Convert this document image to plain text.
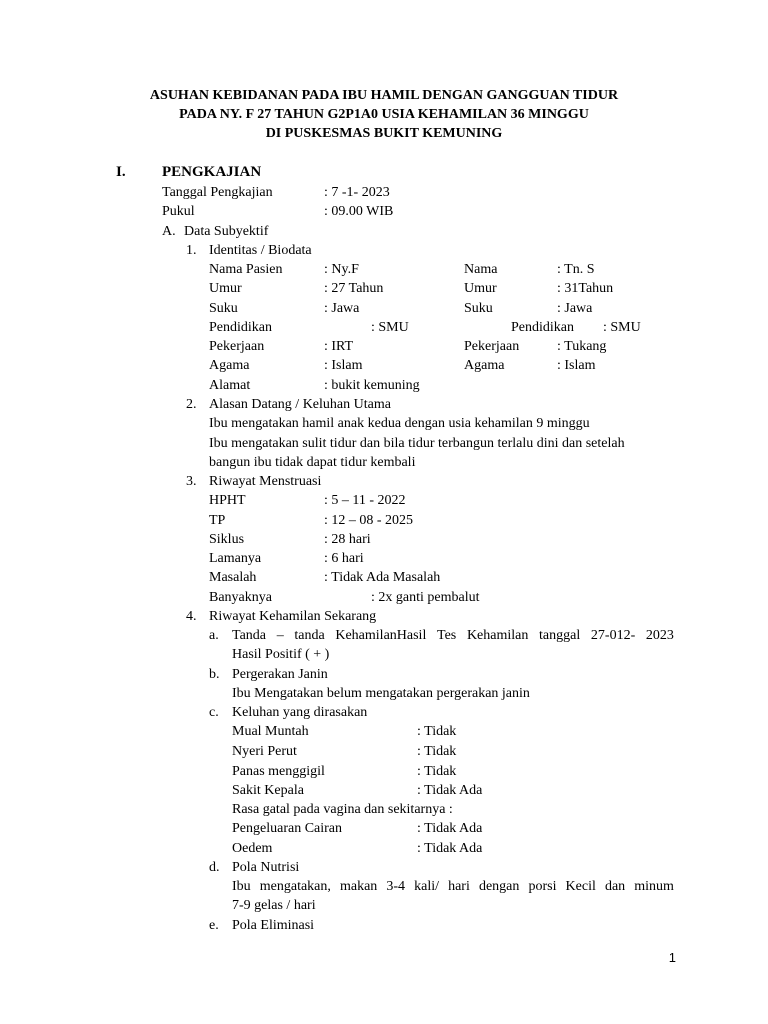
ASUHAN KEBIDANAN PADA IBU HAMIL DENGAN GANGGUAN TIDUR
PADA NY. F 27 TAHUN G2P1A0 USIA KEHAMILAN 36 MINGGU
DI PUSKESMAS BUKIT KEMUNING
I. PENGKAJIAN
Tanggal Pengkajian	: 7 -1- 2023
Pukul	: 09.00 WIB
A. Data Subyektif
1. Identitas / Biodata
Nama Pasien	: Ny.F	Nama	: Tn. S
Umur	: 27 Tahun	Umur	: 31Tahun
Suku	: Jawa	Suku	: Jawa
Pendidikan	: SMU	Pendidikan : SMU
Pekerjaan	: IRT	Pekerjaan	: Tukang
Agama	: Islam	Agama	: Islam
Alamat	: bukit kemuning
2. Alasan Datang / Keluhan Utama
Ibu mengatakan hamil anak kedua dengan usia kehamilan 9 minggu
Ibu mengatakan sulit tidur dan bila tidur terbangun terlalu dini dan setelah
bangun ibu tidak dapat tidur kembali
3. Riwayat Menstruasi
HPHT	: 5 – 11 - 2022
TP	: 12 – 08 - 2025
Siklus	: 28 hari
Lamanya	: 6 hari
Masalah	: Tidak Ada Masalah
Banyaknya	: 2x ganti pembalut
4. Riwayat Kehamilan Sekarang
a. Tanda – tanda KehamilanHasil Tes Kehamilan tanggal 27-012- 2023
Hasil Positif ( + )
b. Pergerakan Janin
Ibu Mengatakan belum mengatakan pergerakan janin
c. Keluhan yang dirasakan
Mual Muntah	: Tidak
Nyeri Perut	: Tidak
Panas menggigil	: Tidak
Sakit Kepala	: Tidak Ada
Rasa gatal pada vagina dan sekitarnya :
Pengeluaran Cairan	: Tidak Ada
Oedem	: Tidak Ada
d. Pola Nutrisi
Ibu mengatakan, makan 3-4 kali/ hari dengan porsi Kecil dan minum
7-9 gelas / hari
e. Pola Eliminasi
1
